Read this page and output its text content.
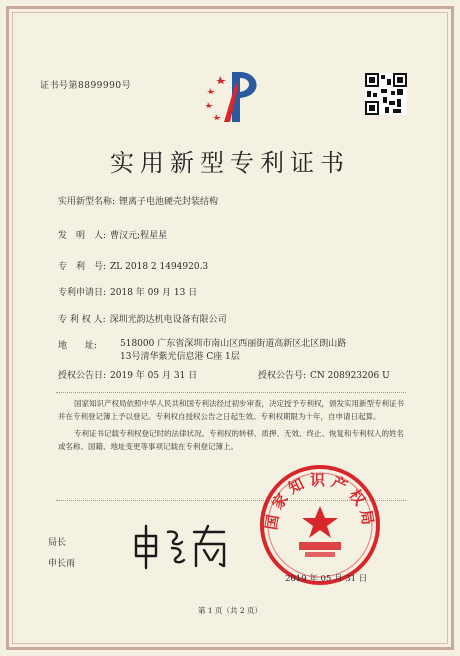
证书号第8899990号
实用新型专利证书
实用新型名称: 锂离子电池硬壳封装结构
发　明　人: 曹汉元;程星星
专　利　号: ZL 2018 2 1494920.3
专利申请日: 2018 年 09 月 13 日
专 利 权 人: 深圳光韵达机电设备有限公司
地　　址:	518000 广东省深圳市南山区西丽街道高新区北区朗山路 13号清华紫光信息港 C座 1层
授权公告日: 2019 年 05 月 31 日	授权公告号: CN 208923206 U

国家知识产权局依照中华人民共和国专利法经过初步审查，决定授予专利权，颁发实用新型专利证书并在专利登记簿上予以登记。专利权自授权公告之日起生效。专利权期限为十年，自申请日起算。

专利证书记载专利权登记时的法律状况。专利权的转移、质押、无效、终止、恢复和专利权人的姓名或名称、国籍、地址变更等事项记载在专利登记簿上。

局长
申长雨
国家知识产权局
2019 年 05 月 31 日
第 1 页（共 2 页）
